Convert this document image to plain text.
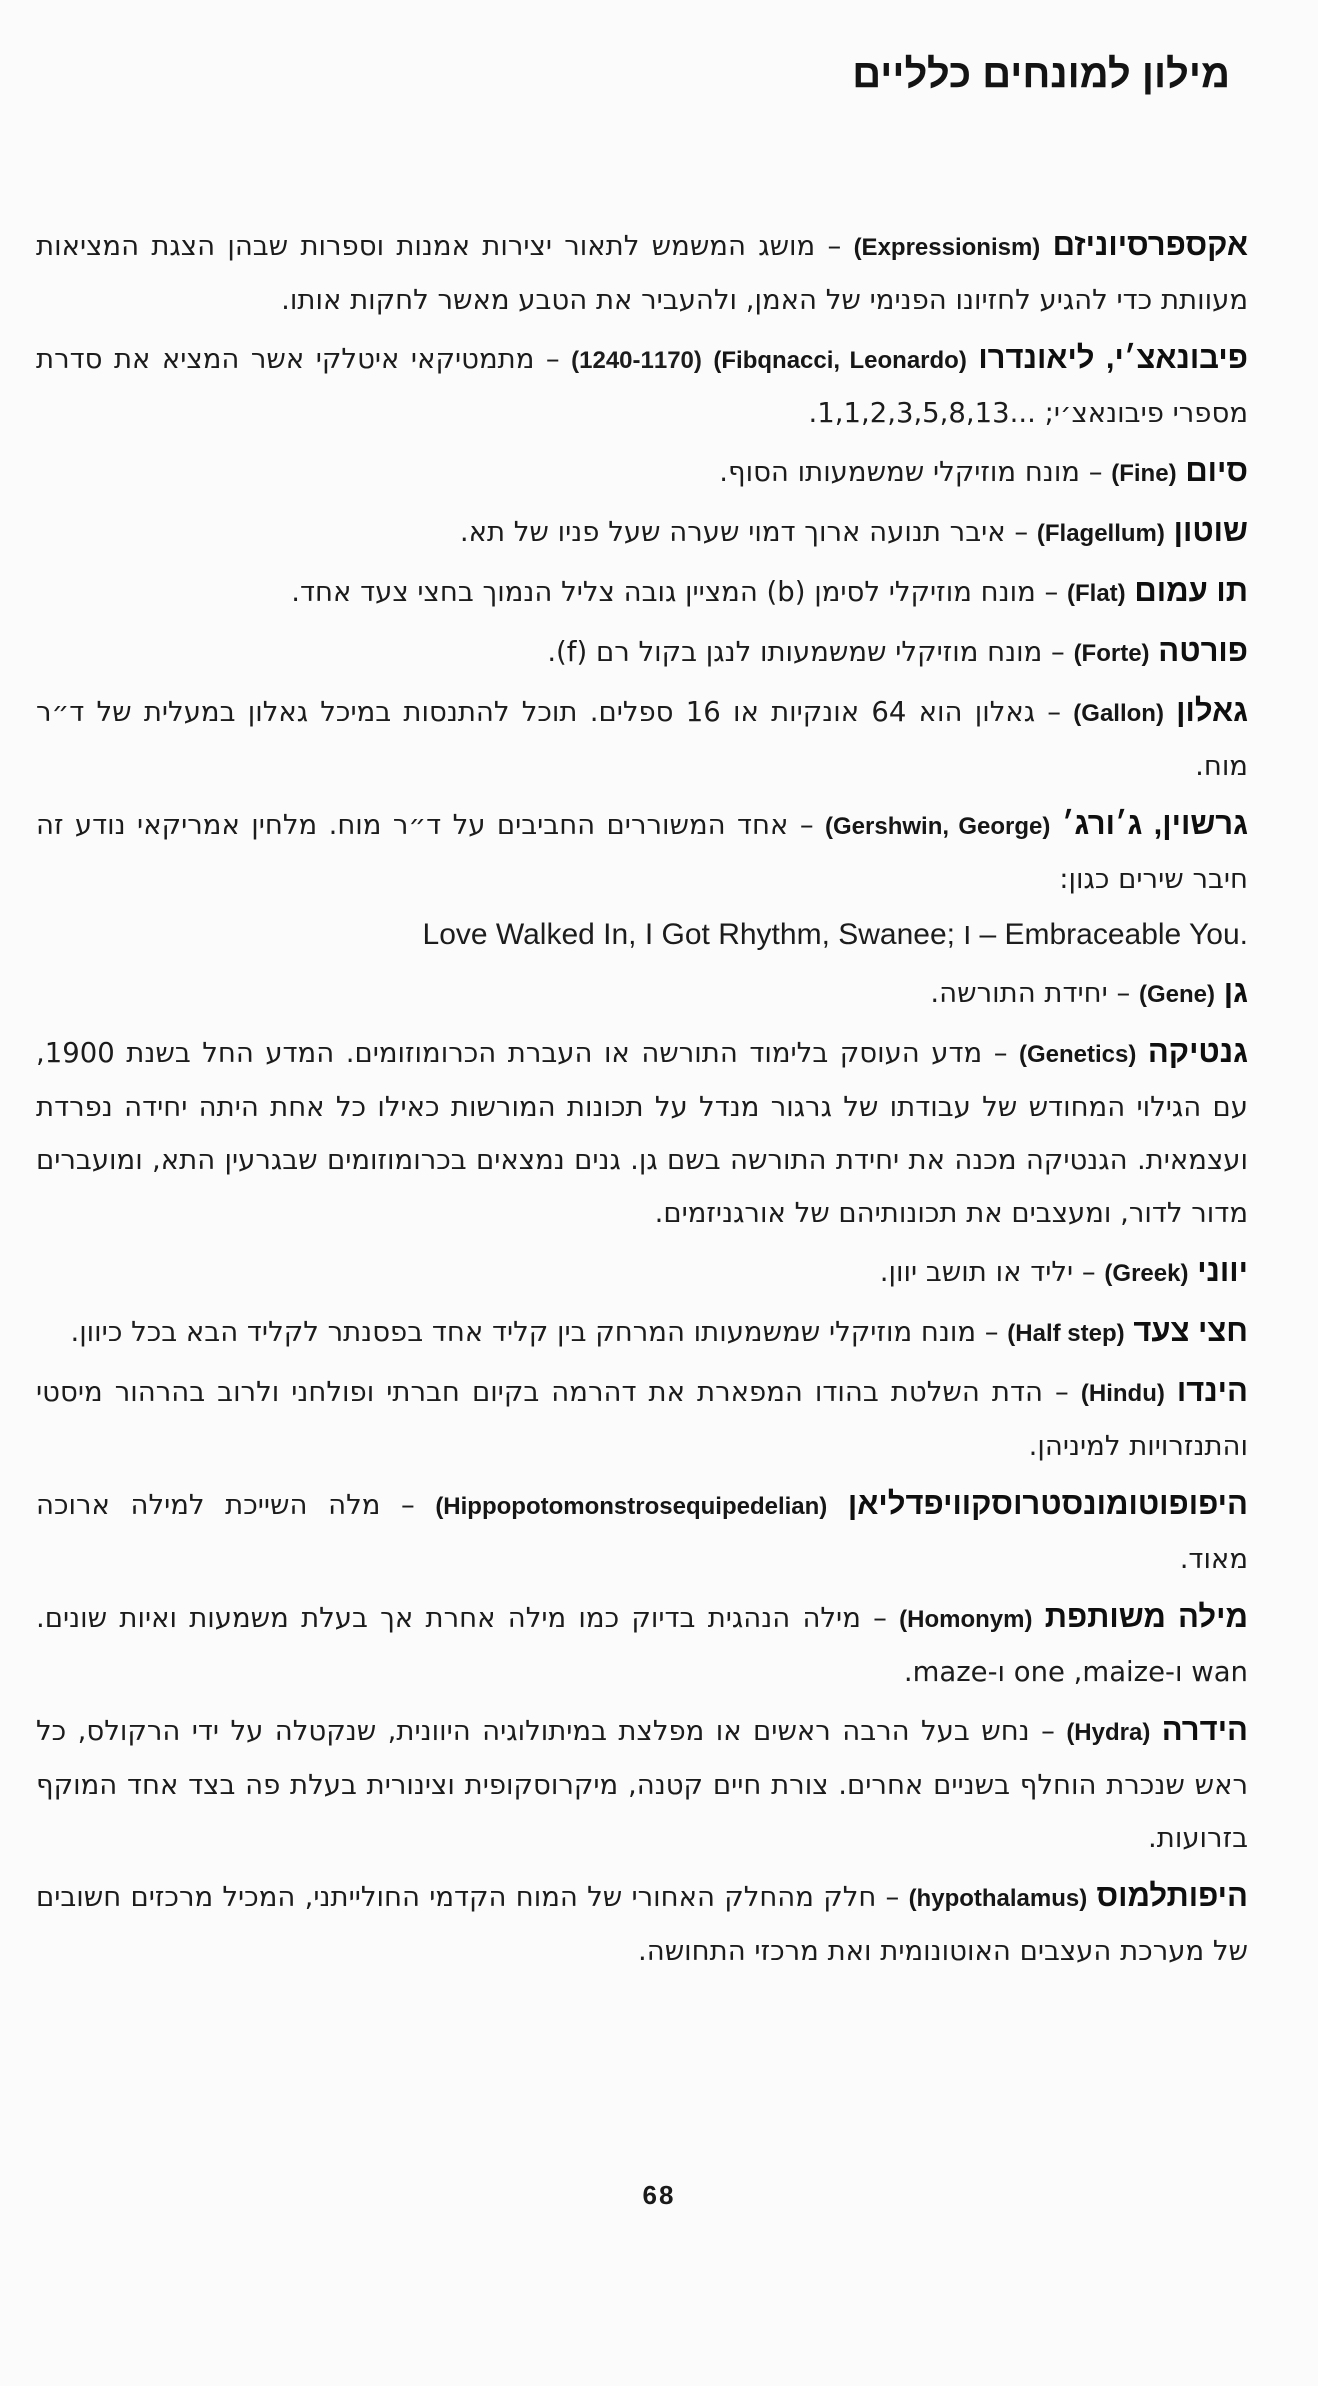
מילון למונחים כלליים

אקספרסיוניזם (Expressionism) – מושג המשמש לתאור יצירות אמנות וספרות שבהן הצגת המציאות מעוותת כדי להגיע לחזיונו הפנימי של האמן, ולהעביר את הטבע מאשר לחקות אותו.

פיבונאצ׳י, ליאונדרו (Fibqnacci, Leonardo) (1240-1170) – מתמטיקאי איטלקי אשר המציא את סדרת מספרי פיבונאצ׳י; ...1,1,2,3,5,8,13.

סיום (Fine) – מונח מוזיקלי שמשמעותו הסוף.

שוטון (Flagellum) – איבר תנועה ארוך דמוי שערה שעל פניו של תא.

תו עמום (Flat) – מונח מוזיקלי לסימן (b) המציין גובה צליל הנמוך בחצי צעד אחד.

פורטה (Forte) – מונח מוזיקלי שמשמעותו לנגן בקול רם (f).

גאלון (Gallon) – גאלון הוא 64 אונקיות או 16 ספלים. תוכל להתנסות במיכל גאלון במעלית של ד״ר מוח.

גרשוין, ג׳ורג׳ (Gershwin, George) – אחד המשוררים החביבים על ד״ר מוח. מלחין אמריקאי נודע זה חיבר שירים כגון:
Love Walked In, I Got Rhythm, Swanee; ו – Embraceable You.

גן (Gene) – יחידת התורשה.

גנטיקה (Genetics) – מדע העוסק בלימוד התורשה או העברת הכרומוזומים. המדע החל בשנת 1900, עם הגילוי המחודש של עבודתו של גרגור מנדל על תכונות המורשות כאילו כל אחת היתה יחידה נפרדת ועצמאית. הגנטיקה מכנה את יחידת התורשה בשם גן. גנים נמצאים בכרומוזומים שבגרעין התא, ומועברים מדור לדור, ומעצבים את תכונותיהם של אורגניזמים.

יווני (Greek) – יליד או תושב יוון.

חצי צעד (Half step) – מונח מוזיקלי שמשמעותו המרחק בין קליד אחד בפסנתר לקליד הבא בכל כיוון.

הינדו (Hindu) – הדת השלטת בהודו המפארת את דהרמה בקיום חברתי ופולחני ולרוב בהרהור מיסטי והתנזרויות למיניהן.

היפופוטומונסטרוסקוויפדליאן (Hippopotomonstrosequipedelian) – מלה השייכת למילה ארוכה מאוד.

מילה משותפת (Homonym) – מילה הנהגית בדיוק כמו מילה אחרת אך בעלת משמעות ואיות שונים. wan ו-one ,maize ו-maze.

הידרה (Hydra) – נחש בעל הרבה ראשים או מפלצת במיתולוגיה היוונית, שנקטלה על ידי הרקולס, כל ראש שנכרת הוחלף בשניים אחרים. צורת חיים קטנה, מיקרוסקופית וצינורית בעלת פה בצד אחד המוקף בזרועות.

היפותלמוס (hypothalamus) – חלק מהחלק האחורי של המוח הקדמי החולייתני, המכיל מרכזים חשובים של מערכת העצבים האוטונומית ואת מרכזי התחושה.

68
